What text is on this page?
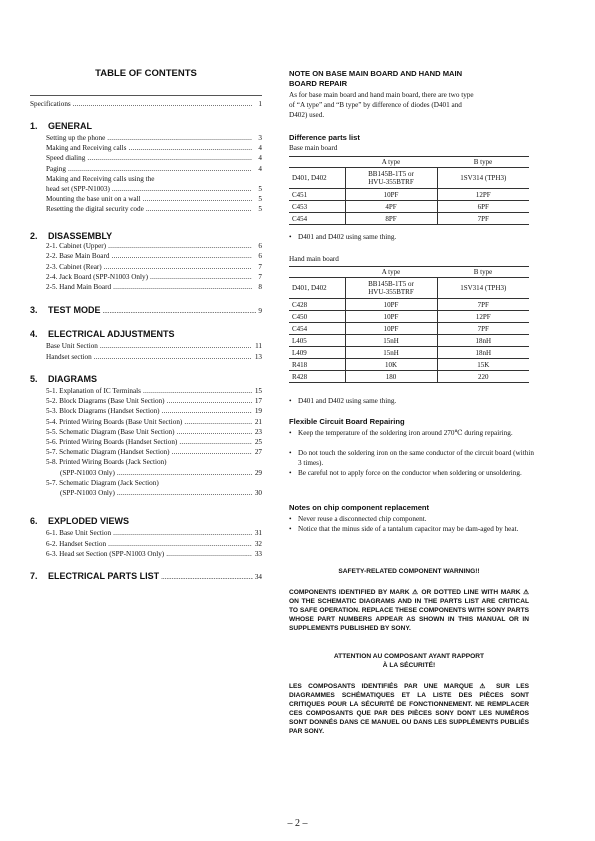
TABLE OF CONTENTS
Specifications .....	1
1.	GENERAL
Setting up the phone .....	3
Making and Receiving calls .....	4
Speed dialing .....	4
Paging .....	4
Making and Receiving calls using the
head set (SPP-N1003) .....	5
Mounting the base unit on a wall .....	5
Resetting the digital security code .....	5
2.	DISASSEMBLY
2-1. Cabinet (Upper) .....	6
2-2. Base Main Board .....	6
2-3. Cabinet (Rear) .....	7
2-4. Jack Board (SPP-N1003 Only) .....	7
2-5. Hand Main Board .....	8
3.	TEST MODE .....	9
4.	ELECTRICAL ADJUSTMENTS
Base Unit Section .....	11
Handset section .....	13
5.	DIAGRAMS
5-1. Explanation of IC Terminals .....	15
5-2. Block Diagrams (Base Unit Section) .....	17
5-3. Block Diagrams (Handset Section) .....	19
5-4. Printed Wiring Boards (Base Unit Section) .....	21
5-5. Schematic Diagram (Base Unit Section) .....	23
5-6. Printed Wiring Boards (Handset Section) .....	25
5-7. Schematic Diagram (Handset Section) .....	27
5-8. Printed Wiring Boards (Jack Section)
(SPP-N1003 Only) .....	29
5-7. Schematic Diagram (Jack Section)
(SPP-N1003 Only) .....	30
6.	EXPLODED VIEWS
6-1. Base Unit Section .....	31
6-2. Handset Section .....	32
6-3. Head set Section (SPP-N1003 Only) .....	33
7.	ELECTRICAL PARTS LIST .....	34
NOTE ON BASE MAIN BOARD AND HAND MAIN
BOARD REPAIR
As for base main board and hand main board, there are two type
of “A type” and “B type” by difference of diodes (D401 and
D402) used.
Difference parts list
Base main board
	A type	B type
D401, D402	BB145B-1T5 or
HVU-355BTRF	1SV314 (TPH3)
C451	10PF	12PF
C453	4PF	6PF
C454	8PF	7PF
• D401 and D402 using same thing.
Hand main board
	A type	B type
D401, D402	BB145B-1T5 or
HVU-355BTRF	1SV314 (TPH3)
C428	10PF	7PF
C450	10PF	12PF
C454	10PF	7PF
L405	15nH	18nH
L409	15nH	18nH
R418	10K	15K
R428	180	220
• D401 and D402 using same thing.
Flexible Circuit Board Repairing
• Keep the temperature of the soldering iron around 270℃ during repairing.
• Do not touch the soldering iron on the same conductor of the circuit board (within 3 times).
• Be careful not to apply force on the conductor when soldering or unsoldering.
Notes on chip component replacement
• Never reuse a disconnected chip component.
• Notice that the minus side of a tantalum capacitor may be dam-aged by heat.
SAFETY-RELATED COMPONENT WARNING!!
COMPONENTS IDENTIFIED BY MARK ⚠ OR DOTTED LINE WITH MARK ⚠ ON THE SCHEMATIC DIAGRAMS AND IN THE PARTS LIST ARE CRITICAL TO SAFE OPERATION. REPLACE THESE COMPONENTS WITH SONY PARTS WHOSE PART NUMBERS APPEAR AS SHOWN IN THIS MANUAL OR IN SUPPLEMENTS PUBLISHED BY SONY.
ATTENTION AU COMPOSANT AYANT RAPPORT
À LA SÉCURITÉ!
LES COMPOSANTS IDENTIFIÉS PAR UNE MARQUE ⚠ SUR LES DIAGRAMMES SCHÉMATIQUES ET LA LISTE DES PIÈCES SONT CRITIQUES POUR LA SÉCURITÉ DE FONCTIONNEMENT. NE REMPLACER CES COMPOSANTS QUE PAR DES PIÈCES SONY DONT LES NUMÉROS SONT DONNÉS DANS CE MANUEL OU DANS LES SUPPLÉMENTS PUBLIÉS PAR SONY.
– 2 –
